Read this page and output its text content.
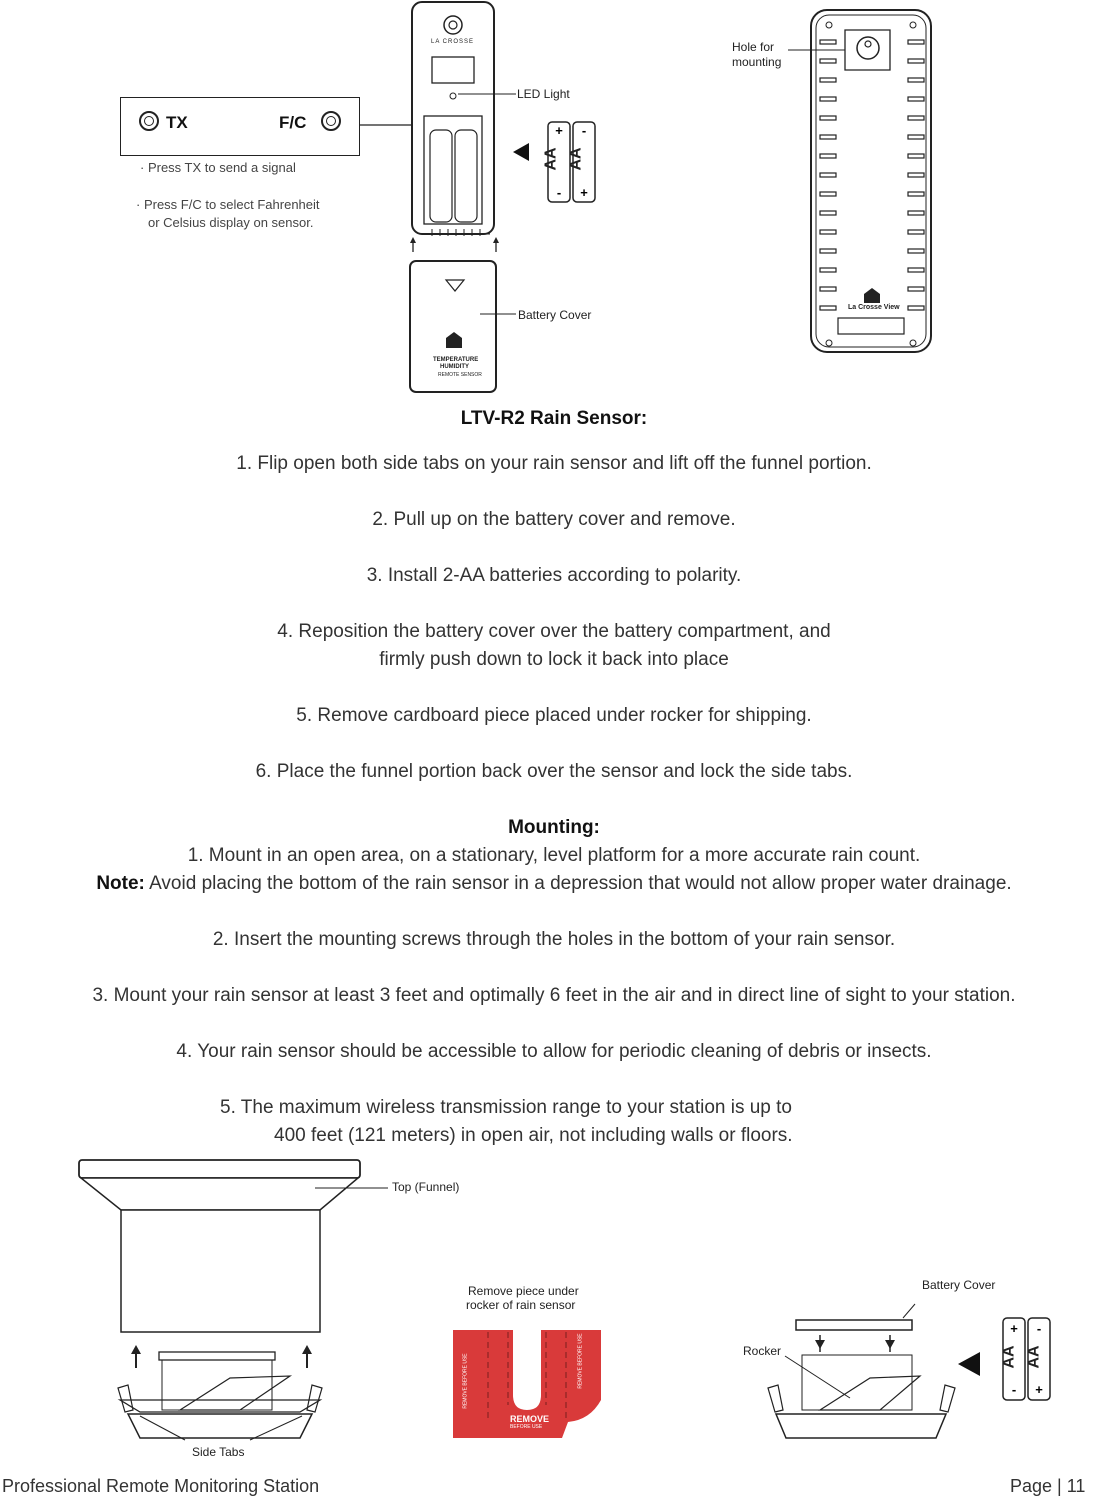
TX	F/C
· Press TX to send a signal
· Press F/C to select Fahrenheit
or Celsius display on sensor.
+
-
-
+
LA CROSSE
AA AA
TEMPERATURE
HUMIDITY
REMOTE SENSOR
LED Light
Battery Cover
La Crosse View
Hole for
mounting
LTV-R2 Rain Sensor:
1. Flip open both side tabs on your rain sensor and lift off the funnel portion.
2. Pull up on the battery cover and remove.
3. Install 2-AA batteries according to polarity.
4. Reposition the battery cover over the battery compartment, and
firmly push down to lock it back into place
5. Remove cardboard piece placed under rocker for shipping.
6. Place the funnel portion back over the sensor and lock the side tabs.
Mounting:
1. Mount in an open area, on a stationary, level platform for a more accurate rain count.
Note: Avoid placing the bottom of the rain sensor in a depression that would not allow proper water drainage.
2. Insert the mounting screws through the holes in the bottom of your rain sensor.
3. Mount your rain sensor at least 3 feet and optimally 6 feet in the air and in direct line of sight to your station.
4. Your rain sensor should be accessible to allow for periodic cleaning of debris or insects.
5. The maximum wireless transmission range to your station is up to
400 feet (121 meters) in open air, not including walls or floors.
+
-
-
+
Top (Funnel)
Side Tabs
Remove piece under
rocker of rain sensor
REMOVE
BEFORE USE
REMOVE BEFORE USE	REMOVE BEFORE USE
Battery Cover
Rocker	AA AA
Professional Remote Monitoring Station	Page | 11
